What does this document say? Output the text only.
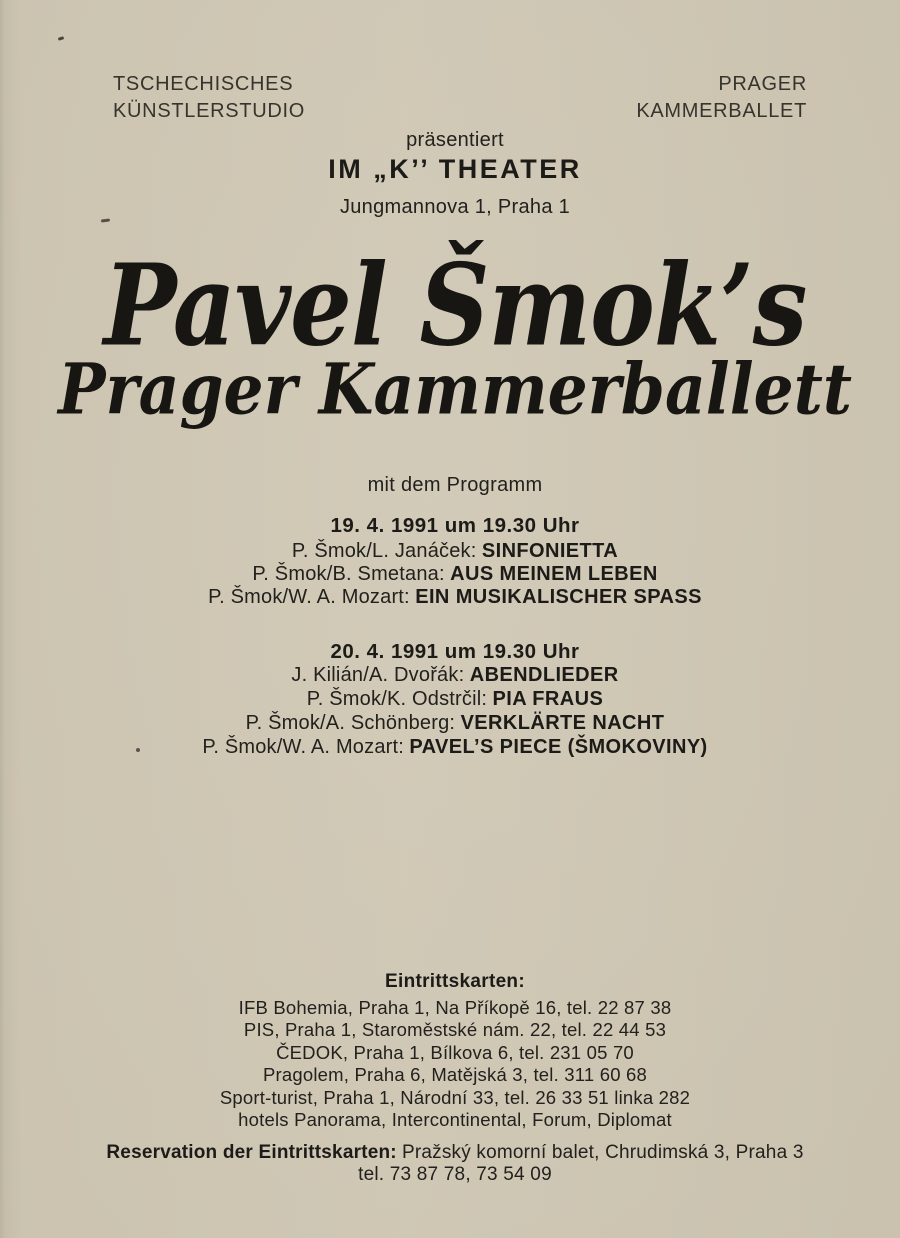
TSCHECHISCHES
KÜNSTLERSTUDIO
PRAGER
KAMMERBALLET
präsentiert
IM „K’’ THEATER
Jungmannova 1, Praha 1
Pavel Šmok’s
Prager Kammerballett
mit dem Programm
19. 4. 1991 um 19.30 Uhr
P. Šmok/L. Janáček: SINFONIETTA
P. Šmok/B. Smetana: AUS MEINEM LEBEN
P. Šmok/W. A. Mozart: EIN MUSIKALISCHER SPASS
20. 4. 1991 um 19.30 Uhr
J. Kilián/A. Dvořák: ABENDLIEDER
P. Šmok/K. Odstrčil: PIA FRAUS
P. Šmok/A. Schönberg: VERKLÄRTE NACHT
P. Šmok/W. A. Mozart: PAVEL’S PIECE (ŠMOKOVINY)
Eintrittskarten:
IFB Bohemia, Praha 1, Na Příkopě 16, tel. 22 87 38
PIS, Praha 1, Staroměstské nám. 22, tel. 22 44 53
ČEDOK, Praha 1, Bílkova 6, tel. 231 05 70
Pragolem, Praha 6, Matějská 3, tel. 311 60 68
Sport-turist, Praha 1, Národní 33, tel. 26 33 51 linka 282
hotels Panorama, Intercontinental, Forum, Diplomat
Reservation der Eintrittskarten: Pražský komorní balet, Chrudimská 3, Praha 3
tel. 73 87 78, 73 54 09
